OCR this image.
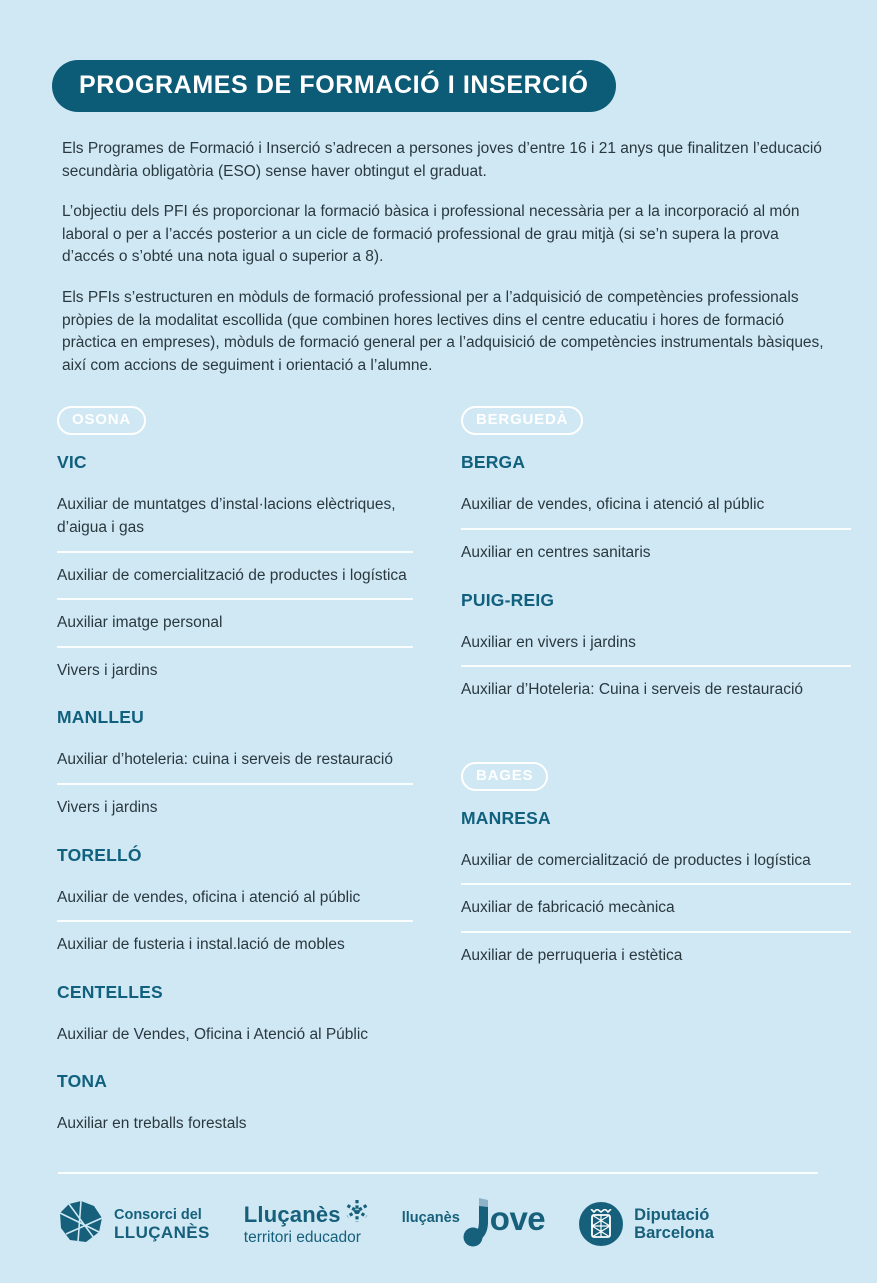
PROGRAMES DE FORMACIÓ I INSERCIÓ

Els Programes de Formació i Inserció s’adrecen a persones joves d’entre 16 i 21 anys que finalitzen l’educació secundària obligatòria (ESO) sense haver obtingut el graduat.

L’objectiu dels PFI és proporcionar la formació bàsica i professional necessària per a la incorporació al món laboral o per a l’accés posterior a un cicle de formació professional de grau mitjà (si se’n supera la prova d’accés o s’obté una nota igual o superior a 8).

Els PFIs s’estructuren en mòduls de formació professional per a l’adquisició de competències professionals pròpies de la modalitat escollida (que combinen hores lectives dins el centre educatiu i hores de formació pràctica en empreses), mòduls de formació general per a l’adquisició de competències instrumentals bàsiques, així com accions de seguiment i orientació a l’alumne.

OSONA
VIC

Auxiliar de muntatges d’instal·lacions elèctriques, d’aigua i gas

Auxiliar de comercialització de productes i logística

Auxiliar imatge personal

Vivers i jardins

MANLLEU

Auxiliar d’hoteleria: cuina i serveis de restauració

Vivers i jardins

TORELLÓ

Auxiliar de vendes, oficina i atenció al públic

Auxiliar de fusteria i instal.lació de mobles

CENTELLES

Auxiliar de Vendes, Oficina i Atenció al Públic

TONA

Auxiliar en treballs forestals

BERGUEDÀ
BERGA

Auxiliar de vendes, oficina i atenció al públic

Auxiliar en centres sanitaris

PUIG-REIG

Auxiliar en vivers i jardins

Auxiliar d’Hoteleria: Cuina i serveis de restauració

BAGES
MANRESA

Auxiliar de comercialització de productes i logística

Auxiliar de fabricació mecànica

Auxiliar de perruqueria i estètica

Consorci del
LLUÇANÈS
Lluçanès
territori educador
lluçanès ove	Diputació
Barcelona
